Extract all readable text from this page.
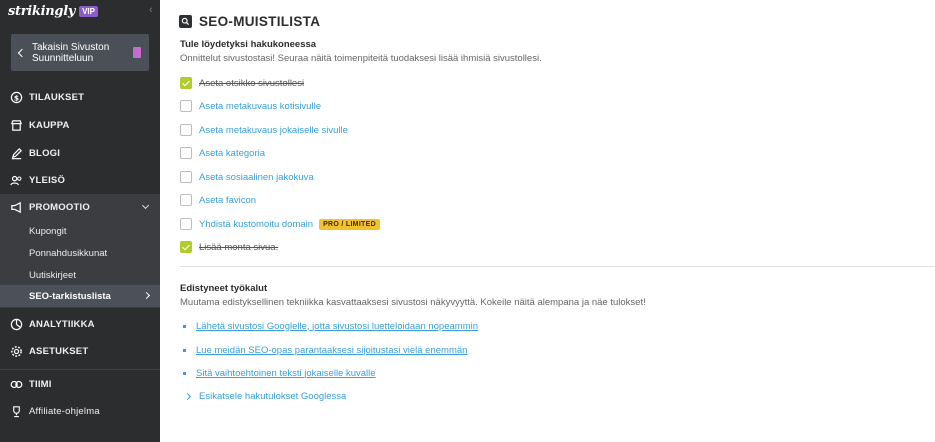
strikingly VIP	‹
Takaisin Sivuston Suunnitteluun
$ TILAUKSET
KAUPPA
BLOGI
YLEISÖ
PROMOOTIO
Kupongit
Ponnahdusikkunat
Uutiskirjeet
SEO-tarkistuslista
ANALYTIIKKA
ASETUKSET
TIIMI
Affiliate-ohjelma
SEO-MUISTILISTA
Tule löydetyksi hakukoneessa
Onnittelut sivustostasi! Seuraa näitä toimenpiteitä tuodaksesi lisää ihmisiä sivustollesi.
Aseta otsikko sivustollesi
Aseta metakuvaus kotisivulle
Aseta metakuvaus jokaiselle sivulle
Aseta kategoria
Aseta sosiaalinen jakokuva
Aseta favicon
Yhdistä kustomoitu domain	PRO / LIMITED
Lisää monta sivua.
Edistyneet työkalut
Muutama edistyksellinen tekniikka kasvattaaksesi sivustosi näkyvyyttä. Kokeile näitä alempana ja näe tulokset!
Lähetä sivustosi Googlelle, jotta sivustosi luetteloidaan nopeammin
Lue meidän SEO-opas parantaaksesi sijoitustasi vielä enemmän
Sitä vaihtoehtoinen teksti jokaiselle kuvalle
Esikatsele hakutulokset Googlessa
